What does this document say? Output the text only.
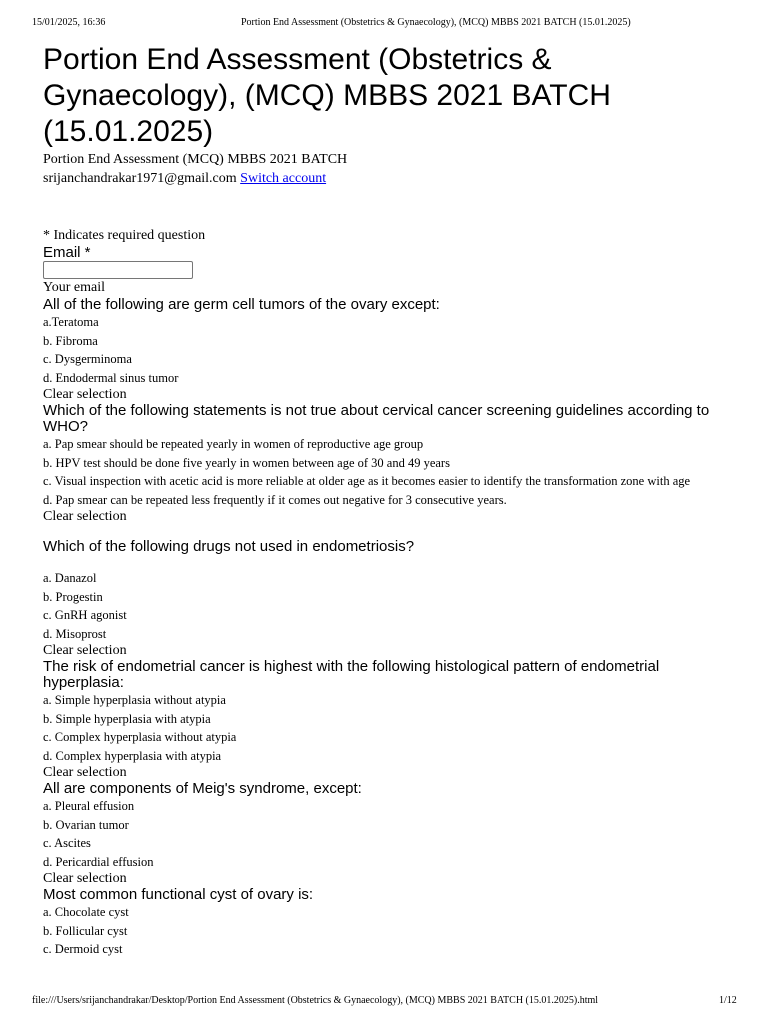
15/01/2025, 16:36	Portion End Assessment (Obstetrics & Gynaecology), (MCQ) MBBS 2021 BATCH (15.01.2025)
Portion End Assessment (Obstetrics & Gynaecology), (MCQ) MBBS 2021 BATCH (15.01.2025)

Portion End Assessment (MCQ) MBBS 2021 BATCH

srijanchandrakar1971@gmail.com Switch account

* Indicates required question
Email *
Your email
All of the following are germ cell tumors of the ovary except:
a.Teratoma
b. Fibroma
c. Dysgerminoma
d. Endodermal sinus tumor
Clear selection
Which of the following statements is not true about cervical cancer screening guidelines according to WHO?
a. Pap smear should be repeated yearly in women of reproductive age group
b. HPV test should be done five yearly in women between age of 30 and 49 years
c. Visual inspection with acetic acid is more reliable at older age as it becomes easier to identify the transformation zone with age
d. Pap smear can be repeated less frequently if it comes out negative for 3 consecutive years.
Clear selection
Which of the following drugs not used in endometriosis?
a. Danazol
b. Progestin
c. GnRH agonist
d. Misoprost
Clear selection
The risk of endometrial cancer is highest with the following histological pattern of endometrial hyperplasia:
a. Simple hyperplasia without atypia
b. Simple hyperplasia with atypia
c. Complex hyperplasia without atypia
d. Complex hyperplasia with atypia
Clear selection
All are components of Meig's syndrome, except:
a. Pleural effusion
b. Ovarian tumor
c. Ascites
d. Pericardial effusion
Clear selection
Most common functional cyst of ovary is:
a. Chocolate cyst
b. Follicular cyst
c. Dermoid cyst
file:///Users/srijanchandrakar/Desktop/Portion End Assessment (Obstetrics & Gynaecology), (MCQ) MBBS 2021 BATCH (15.01.2025).html	1/12
